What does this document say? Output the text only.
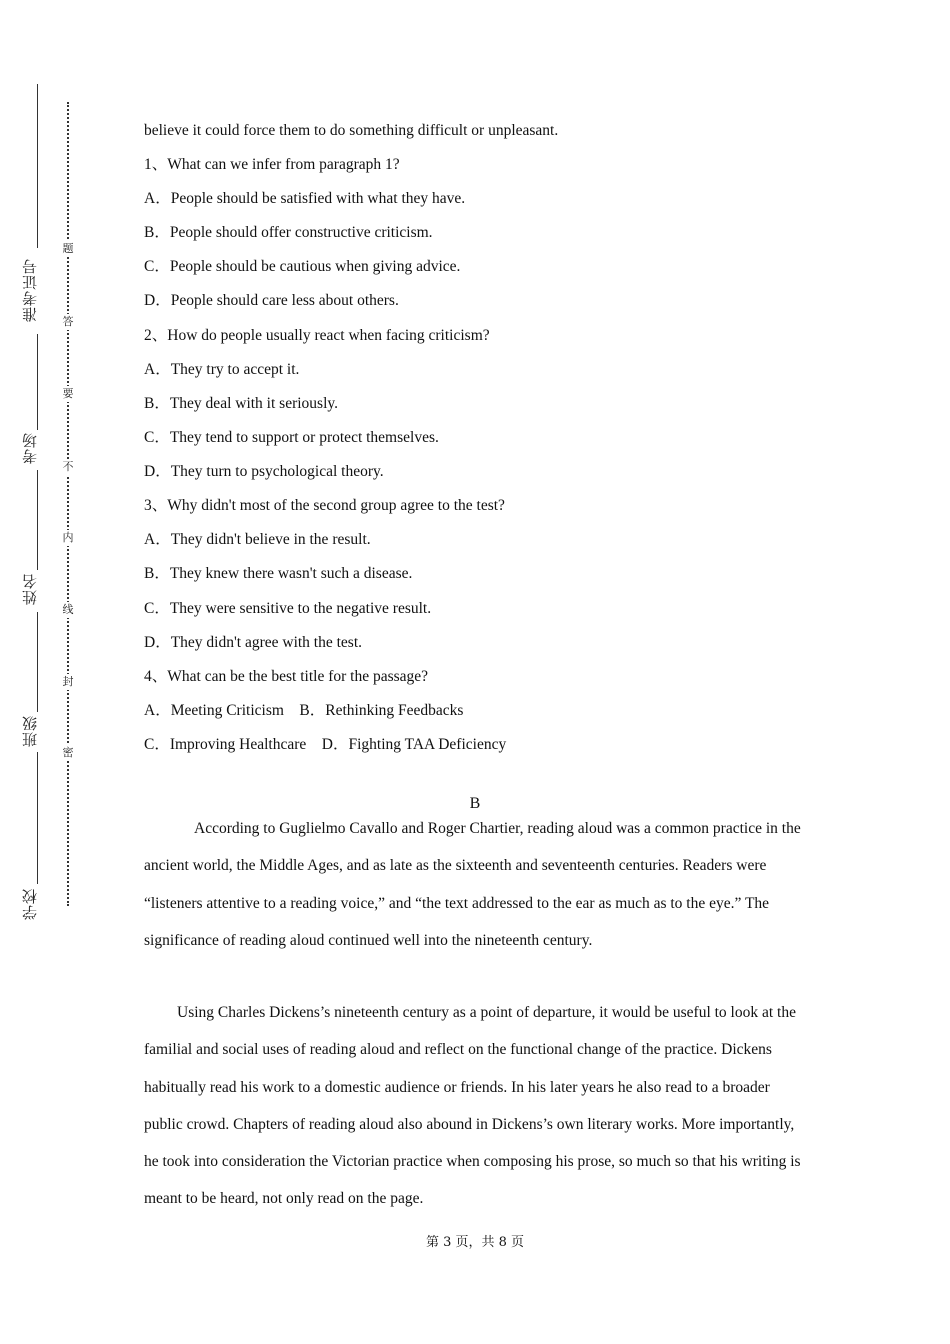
准考证号
考场
姓名
班级
学校
题
答
要
不
内
线
封
密
believe it could force them to do something difficult or unpleasant.
1、What can we infer from paragraph 1?
A．People should be satisfied with what they have.
B．People should offer constructive criticism.
C．People should be cautious when giving advice.
D．People should care less about others.
2、How do people usually react when facing criticism?
A．They try to accept it.
B．They deal with it seriously.
C．They tend to support or protect themselves.
D．They turn to psychological theory.
3、Why didn't most of the second group agree to the test?
A．They didn't believe in the result.
B．They knew there wasn't such a disease.
C．They were sensitive to the negative result.
D．They didn't agree with the test.
4、What can be the best title for the passage?
A．Meeting Criticism    B．Rethinking Feedbacks
C．Improving Healthcare    D．Fighting TAA Deficiency
B

According to Guglielmo Cavallo and Roger Chartier, reading aloud was a common practice in the ancient world, the Middle Ages, and as late as the sixteenth and seventeenth centuries. Readers were “listeners attentive to a reading voice,” and “the text addressed to the ear as much as to the eye.” The significance of reading aloud continued well into the nineteenth century.

Using Charles Dickens’s nineteenth century as a point of departure, it would be useful to look at the familial and social uses of reading aloud and reflect on the functional change of the practice. Dickens habitually read his work to a domestic audience or friends. In his later years he also read to a broader public crowd. Chapters of reading aloud also abound in Dickens’s own literary works. More importantly, he took into consideration the Victorian practice when composing his prose, so much so that his writing is meant to be heard, not only read on the page.

第 3 页，共 8 页
